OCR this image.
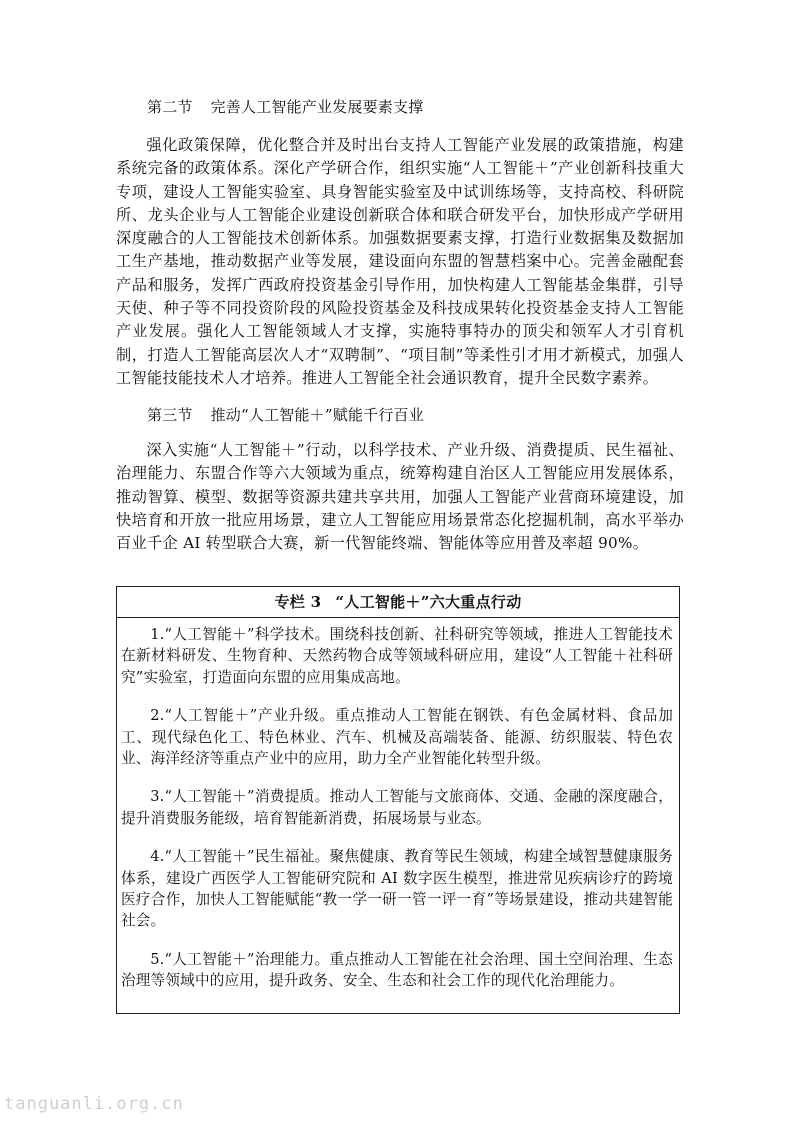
第二节 完善人工智能产业发展要素支撑

强化政策保障，优化整合并及时出台支持人工智能产业发展的政策措施，构建系统完备的政策体系。深化产学研合作，组织实施“人工智能＋”产业创新科技重大专项，建设人工智能实验室、具身智能实验室及中试训练场等，支持高校、科研院所、龙头企业与人工智能企业建设创新联合体和联合研发平台，加快形成产学研用深度融合的人工智能技术创新体系。加强数据要素支撑，打造行业数据集及数据加工生产基地，推动数据产业等发展，建设面向东盟的智慧档案中心。完善金融配套产品和服务，发挥广西政府投资基金引导作用，加快构建人工智能基金集群，引导天使、种子等不同投资阶段的风险投资基金及科技成果转化投资基金支持人工智能产业发展。强化人工智能领域人才支撑，实施特事特办的顶尖和领军人才引育机制，打造人工智能高层次人才“双聘制”、“项目制”等柔性引才用才新模式，加强人工智能技能技术人才培养。推进人工智能全社会通识教育，提升全民数字素养。

第三节 推动“人工智能＋”赋能千行百业

深入实施“人工智能＋”行动，以科学技术、产业升级、消费提质、民生福祉、治理能力、东盟合作等六大领域为重点，统筹构建自治区人工智能应用发展体系，推动智算、模型、数据等资源共建共享共用，加强人工智能产业营商环境建设，加快培育和开放一批应用场景，建立人工智能应用场景常态化挖掘机制，高水平举办百业千企 AI 转型联合大赛，新一代智能终端、智能体等应用普及率超 90%。

专栏 3 “人工智能＋”六大重点行动

1.“人工智能＋”科学技术。围绕科技创新、社科研究等领域，推进人工智能技术在新材料研发、生物育种、天然药物合成等领域科研应用，建设“人工智能＋社科研究”实验室，打造面向东盟的应用集成高地。

2.“人工智能＋”产业升级。重点推动人工智能在钢铁、有色金属材料、食品加工、现代绿色化工、特色林业、汽车、机械及高端装备、能源、纺织服装、特色农业、海洋经济等重点产业中的应用，助力全产业智能化转型升级。

3.“人工智能＋”消费提质。推动人工智能与文旅商体、交通、金融的深度融合，提升消费服务能级，培育智能新消费，拓展场景与业态。

4.“人工智能＋”民生福祉。聚焦健康、教育等民生领域，构建全域智慧健康服务体系，建设广西医学人工智能研究院和 AI 数字医生模型，推进常见疾病诊疗的跨境医疗合作，加快人工智能赋能“教一学一研一管一评一育”等场景建设，推动共建智能社会。

5.“人工智能＋”治理能力。重点推动人工智能在社会治理、国土空间治理、生态治理等领域中的应用，提升政务、安全、生态和社会工作的现代化治理能力。

tanguanli.org.cn
